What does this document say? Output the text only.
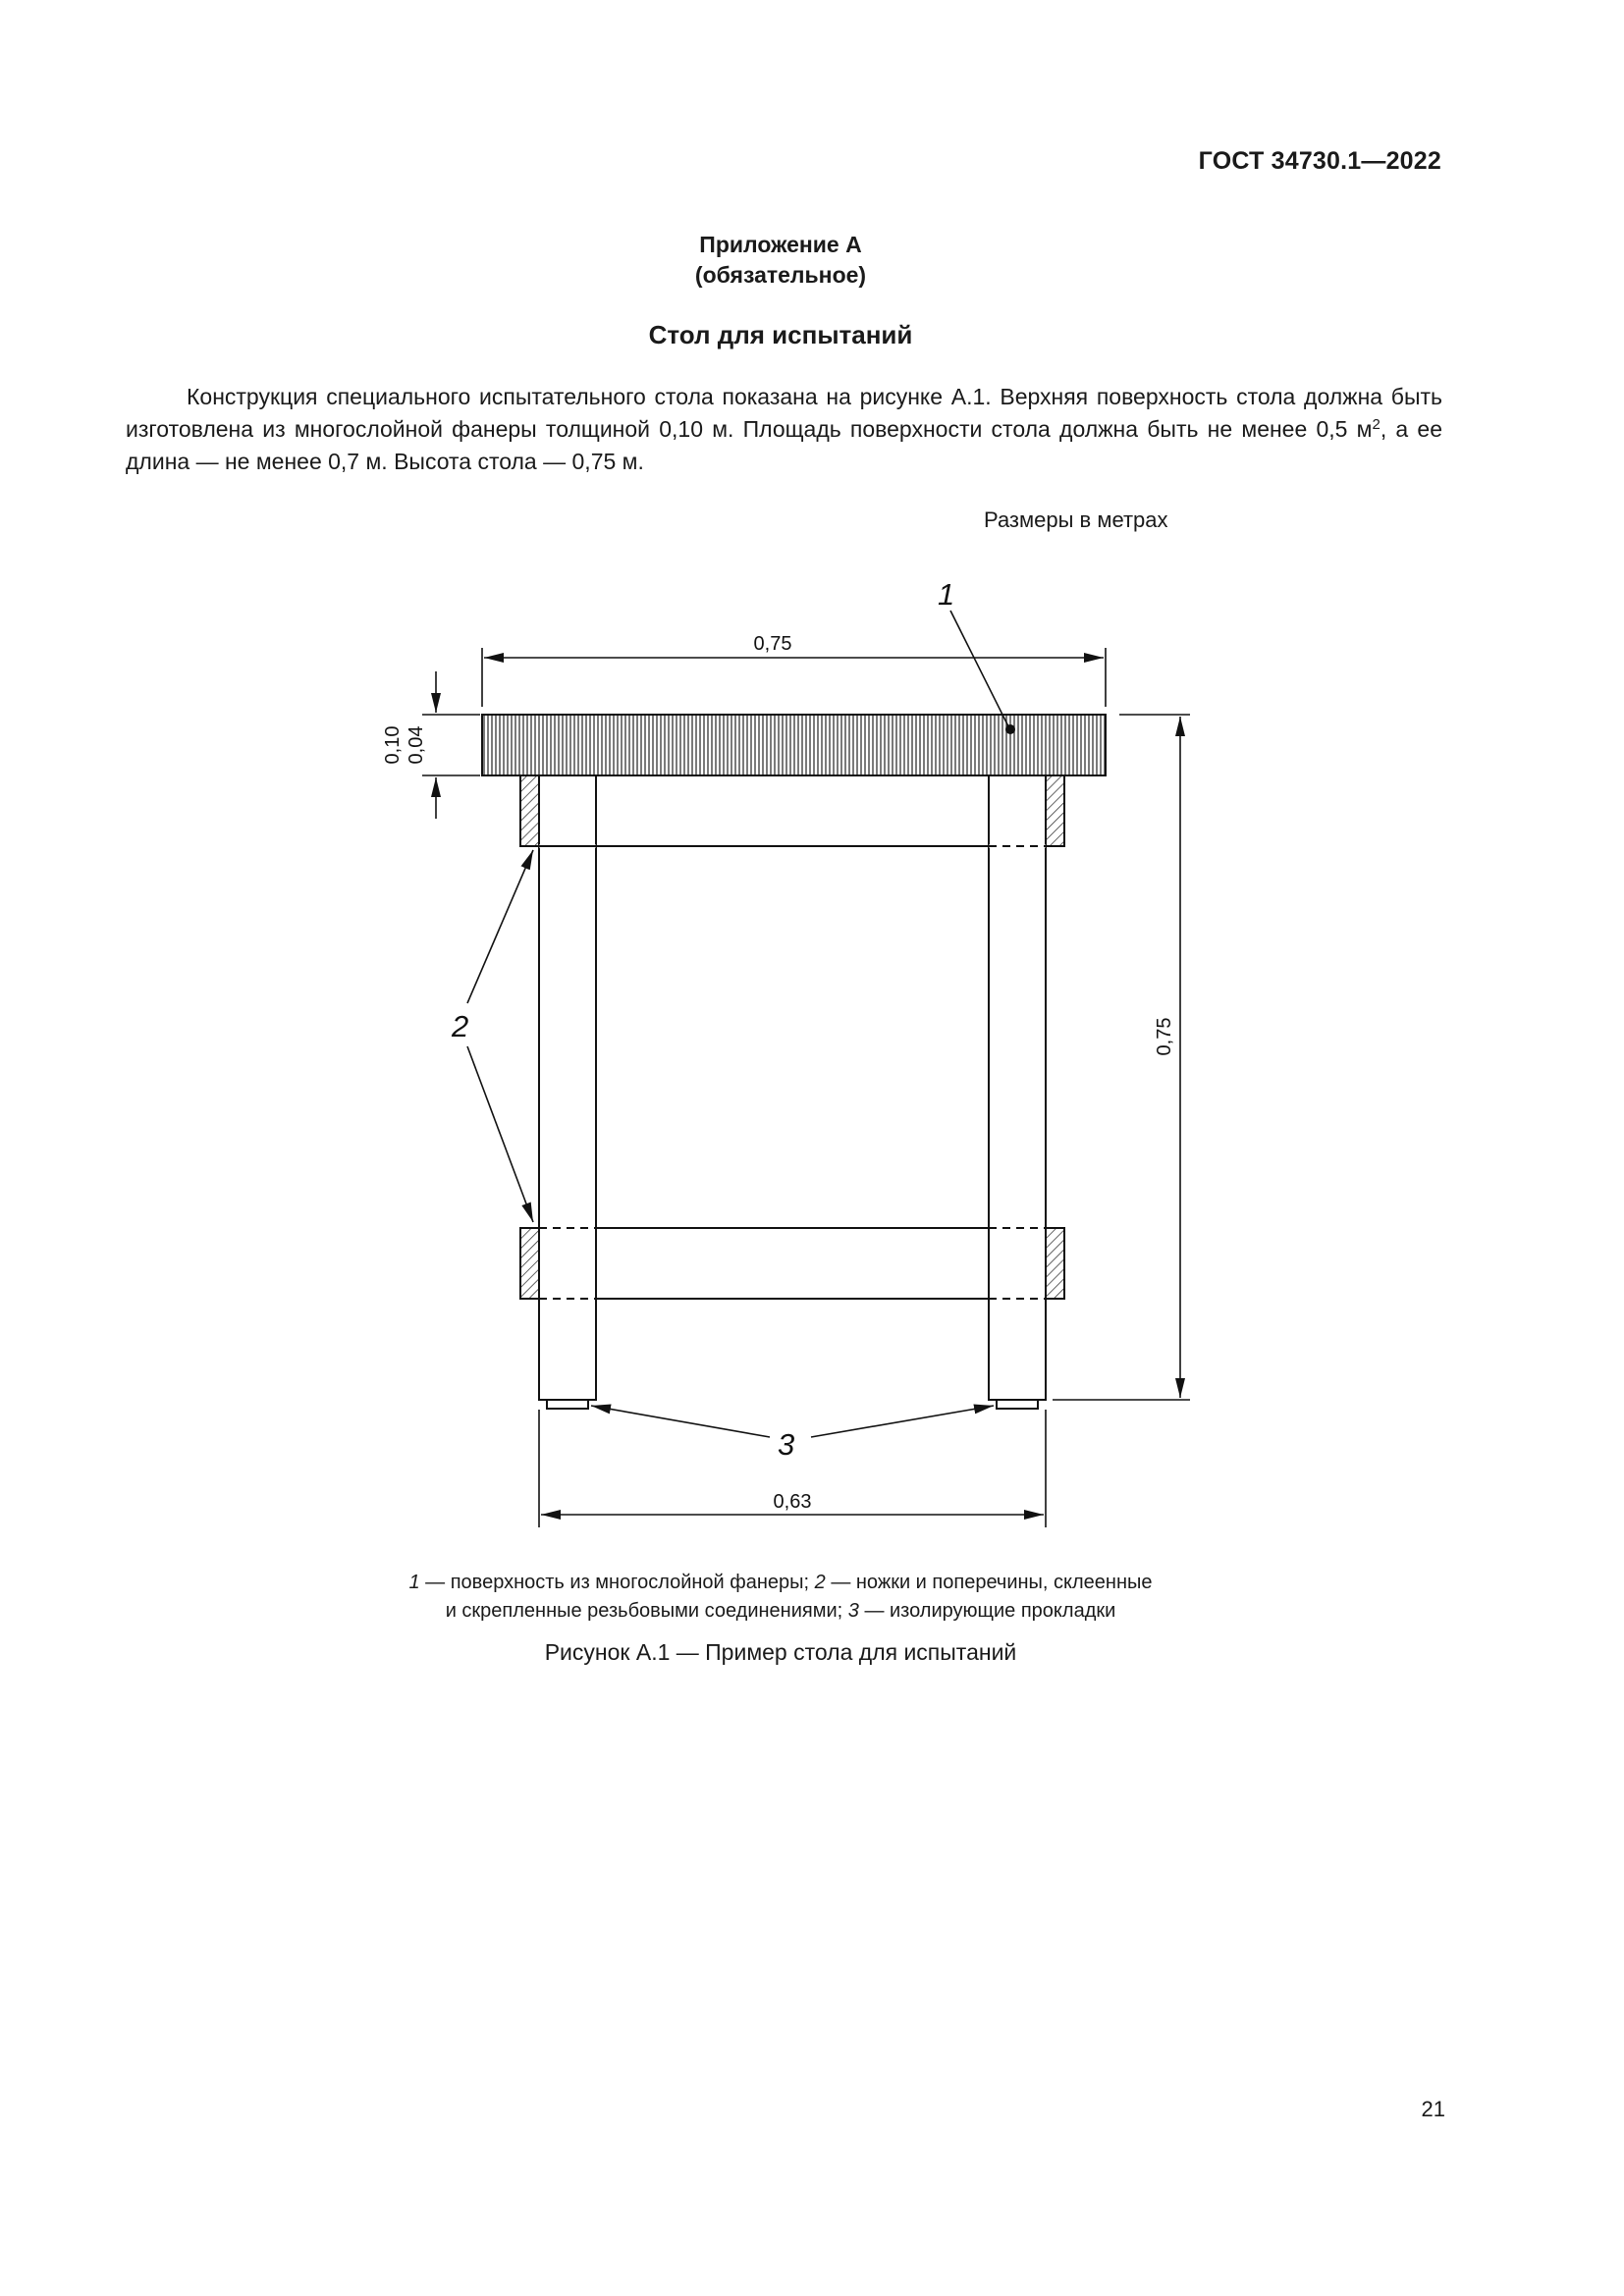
ГОСТ 34730.1—2022
Приложение А
(обязательное)
Стол для испытаний

Конструкция специального испытательного стола показана на рисунке А.1. Верхняя поверхность стола должна быть изготовлена из многослойной фанеры толщиной 0,10 м. Площадь поверхности стола должна быть не менее 0,5 $м^2$, а ее длина — не менее 0,7 м. Высота стола — 0,75 м.

Размеры в метрах
0,75
0,10 0,04
0,75
0,63
1
2
3
1 — поверхность из многослойной фанеры; 2 — ножки и поперечины, склеенные
и скрепленные резьбовыми соединениями; 3 — изолирующие прокладки
Рисунок А.1 — Пример стола для испытаний
21
